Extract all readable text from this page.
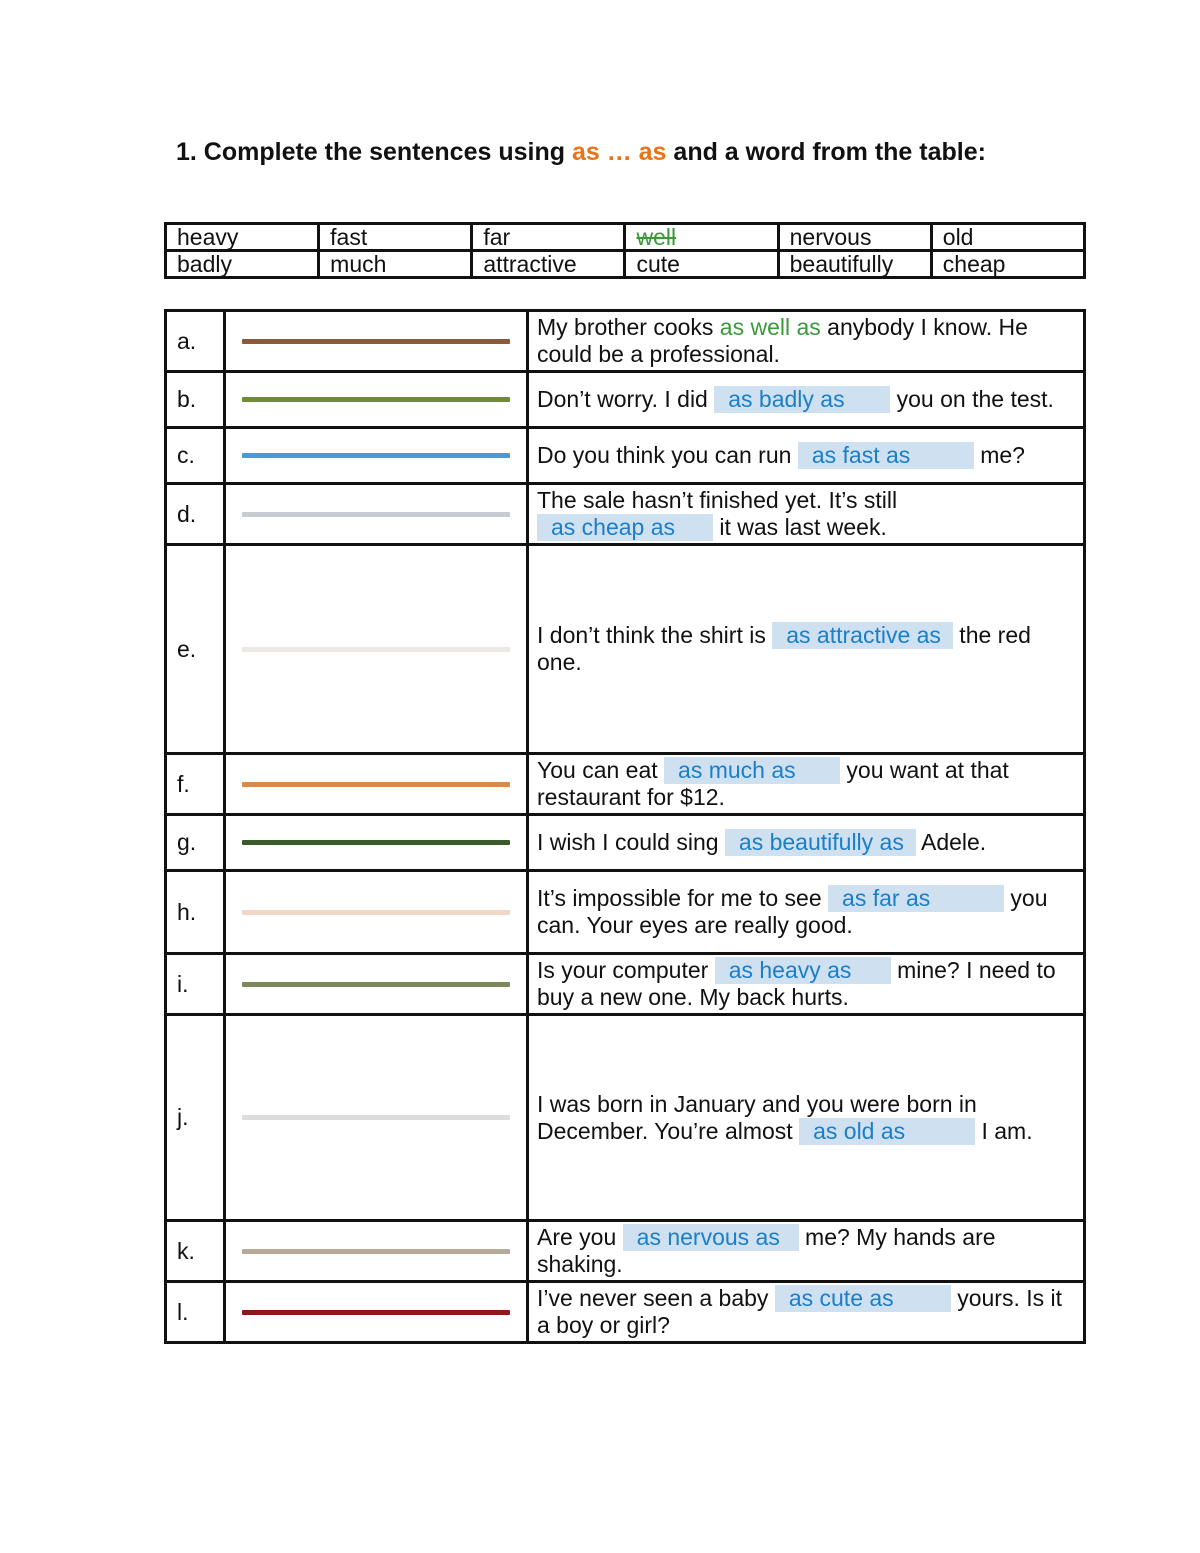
1. Complete the sentences using as … as and a word from the table:
heavy	fast	far	well	nervous	old
badly	much	attractive	cute	beautifully	cheap
a.		My brother cooks as well as anybody I know. He could be a professional.
b.		Don’t worry. I did as badly as you on the test.
c.		Do you think you can run as fast as me?
d.		The sale hasn’t finished yet. It’s still as cheap as it was last week.
e.		I don’t think the shirt is as attractive as the red one.
f.		You can eat as much as you want at that restaurant for $12.
g.		I wish I could sing as beautifully as Adele.
h.		It’s impossible for me to see as far as you can. Your eyes are really good.
i.		Is your computer as heavy as mine? I need to buy a new one. My back hurts.
j.		I was born in January and you were born in December. You’re almost as old as I am.
k.		Are you as nervous as me? My hands are shaking.
l.		I’ve never seen a baby as cute as yours. Is it a boy or girl?
